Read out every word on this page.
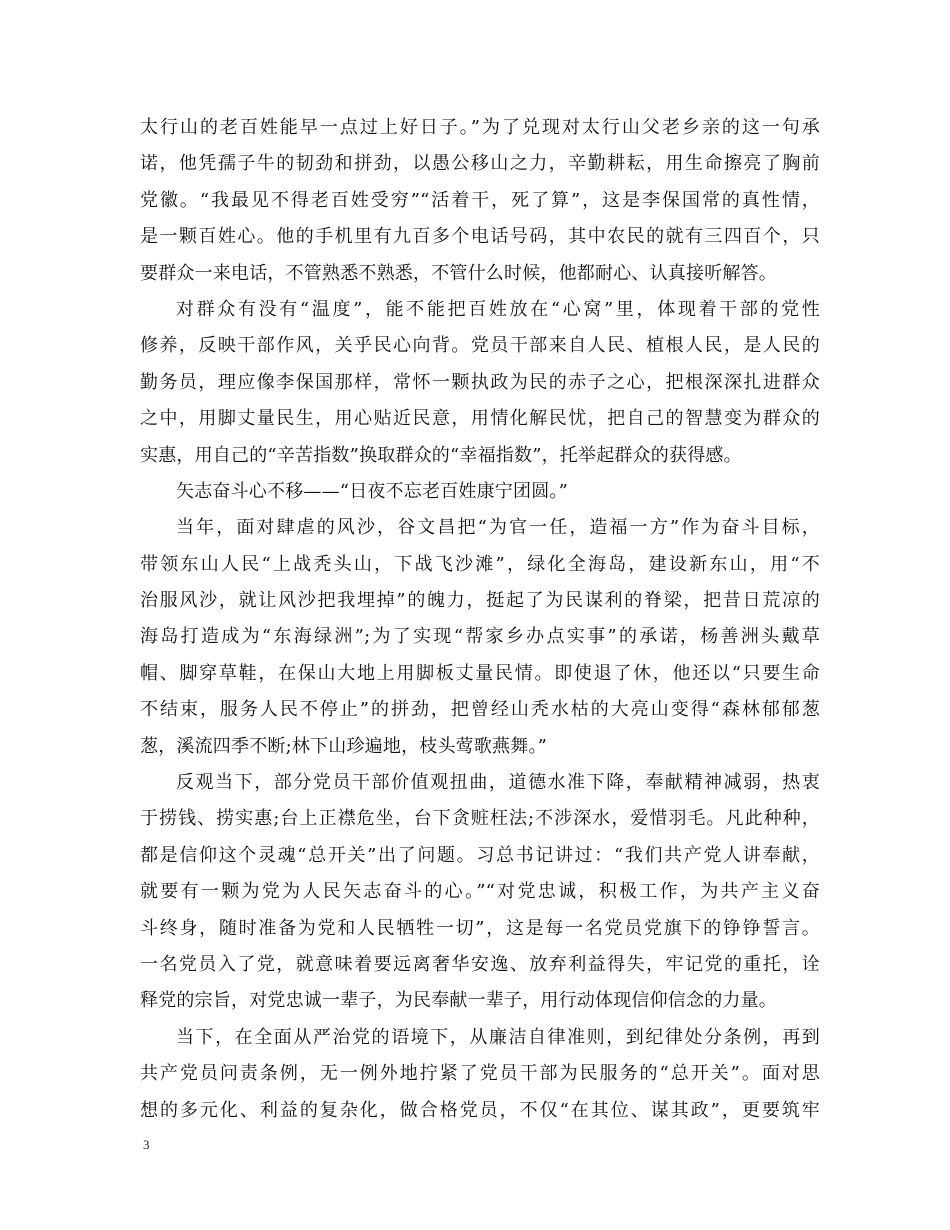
太行山的老百姓能早一点过上好日子。”为了兑现对太行山父老乡亲的这一句承
诺，他凭孺子牛的韧劲和拼劲，以愚公移山之力，辛勤耕耘，用生命擦亮了胸前
党徽。“我最见不得老百姓受穷”“活着干，死了算”，这是李保国常的真性情，
是一颗百姓心。他的手机里有九百多个电话号码，其中农民的就有三四百个，只
要群众一来电话，不管熟悉不熟悉，不管什么时候，他都耐心、认真接听解答。
对群众有没有“温度”，能不能把百姓放在“心窝”里，体现着干部的党性
修养，反映干部作风，关乎民心向背。党员干部来自人民、植根人民，是人民的
勤务员，理应像李保国那样，常怀一颗执政为民的赤子之心，把根深深扎进群众
之中，用脚丈量民生，用心贴近民意，用情化解民忧，把自己的智慧变为群众的
实惠，用自己的“辛苦指数”换取群众的“幸福指数”，托举起群众的获得感。
矢志奋斗心不移——“日夜不忘老百姓康宁团圆。”
当年，面对肆虐的风沙，谷文昌把“为官一任，造福一方”作为奋斗目标，
带领东山人民“上战秃头山，下战飞沙滩”，绿化全海岛，建设新东山，用“不
治服风沙，就让风沙把我埋掉”的魄力，挺起了为民谋利的脊梁，把昔日荒凉的
海岛打造成为“东海绿洲”;为了实现“帮家乡办点实事”的承诺，杨善洲头戴草
帽、脚穿草鞋，在保山大地上用脚板丈量民情。即使退了休，他还以“只要生命
不结束，服务人民不停止”的拼劲，把曾经山秃水枯的大亮山变得“森林郁郁葱
葱，溪流四季不断;林下山珍遍地，枝头莺歌燕舞。”
反观当下，部分党员干部价值观扭曲，道德水准下降，奉献精神减弱，热衷
于捞钱、捞实惠;台上正襟危坐，台下贪赃枉法;不涉深水，爱惜羽毛。凡此种种，
都是信仰这个灵魂“总开关”出了问题。习总书记讲过：“我们共产党人讲奉献，
就要有一颗为党为人民矢志奋斗的心。”“对党忠诚，积极工作，为共产主义奋
斗终身，随时准备为党和人民牺牲一切”，这是每一名党员党旗下的铮铮誓言。
一名党员入了党，就意味着要远离奢华安逸、放弃利益得失，牢记党的重托，诠
释党的宗旨，对党忠诚一辈子，为民奉献一辈子，用行动体现信仰信念的力量。
当下，在全面从严治党的语境下，从廉洁自律准则，到纪律处分条例，再到
共产党员问责条例，无一例外地拧紧了党员干部为民服务的“总开关”。面对思
想的多元化、利益的复杂化，做合格党员，不仅“在其位、谋其政”，更要筑牢
3
